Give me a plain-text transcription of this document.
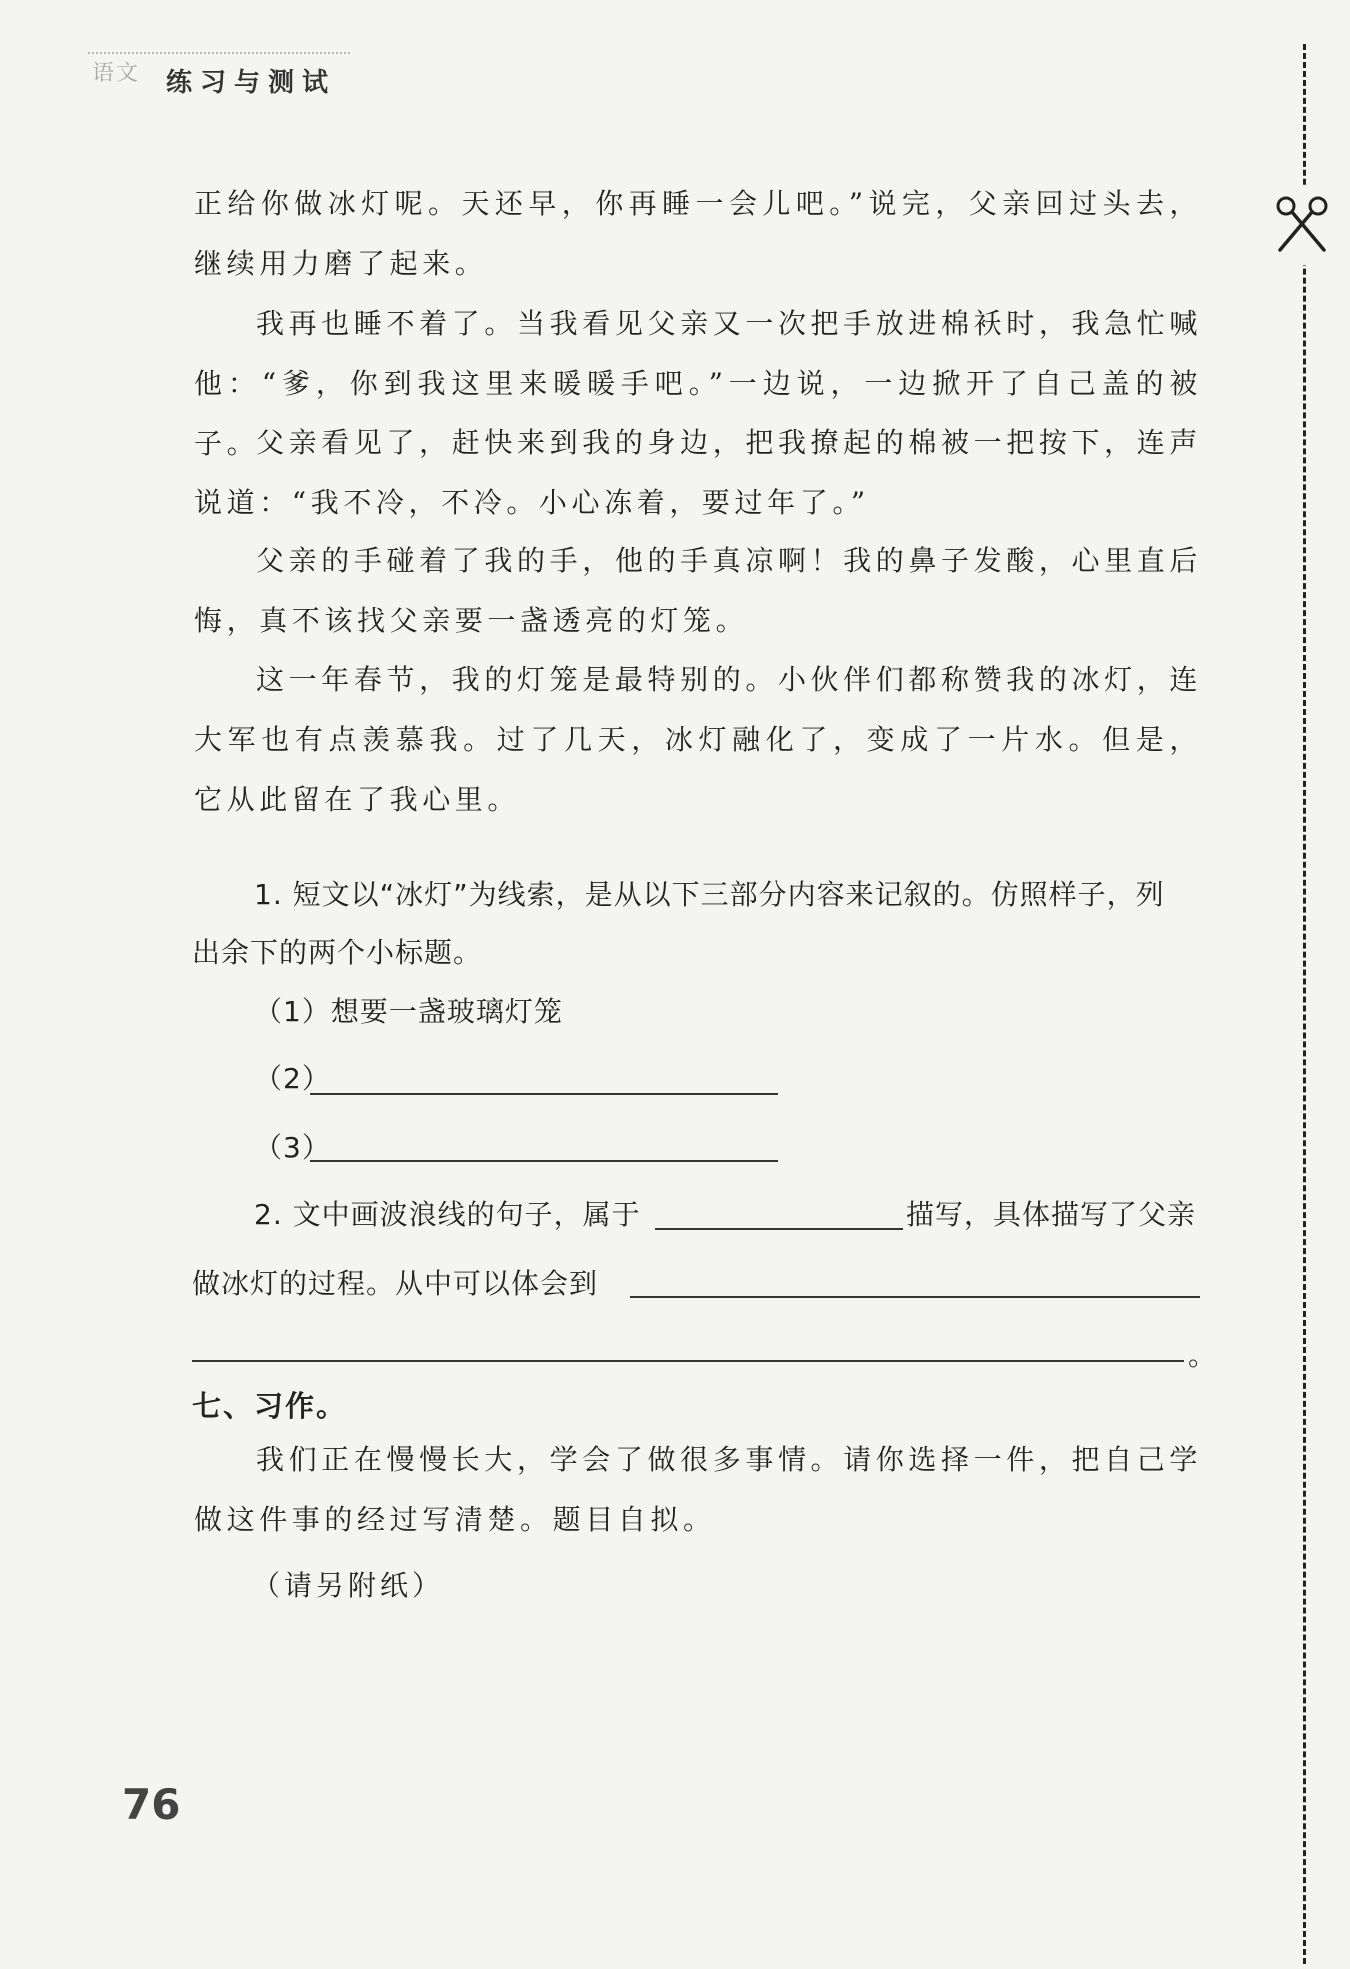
语文 练习与测试

正给你做冰灯呢。天还早，你再睡一会儿吧。”说完，父亲回过头去，继续用力磨了起来。

我再也睡不着了。当我看见父亲又一次把手放进棉袄时，我急忙喊他：“爹，你到我这里来暖暖手吧。”一边说，一边掀开了自己盖的被子。

父亲看见了，赶快来到我的身边，把我撩起的棉被一把按下，连声说道：“我不冷，不冷。小心冻着，要过年了。”

父亲的手碰着了我的手，他的手真凉啊！我的鼻子发酸，心里直后悔，真不该找父亲要一盏透亮的灯笼。

这一年春节，我的灯笼是最特别的。小伙伴们都称赞我的冰灯，连大军也有点羡慕我。过了几天，冰灯融化了，变成了一片水。但是，它从此留在了我心里。

1. 短文以“冰灯”为线索，是从以下三部分内容来记叙的。仿照样子，列
出余下的两个小标题。
（1）想要一盏玻璃灯笼
（2）
（3）
2. 文中画波浪线的句子，属于	描写，具体描写了父亲
做冰灯的过程。从中可以体会到
。
七、习作。

我们正在慢慢长大，学会了做很多事情。请你选择一件，把自己学做这件事的经过写清楚。题目自拟。

（请另附纸）
76
